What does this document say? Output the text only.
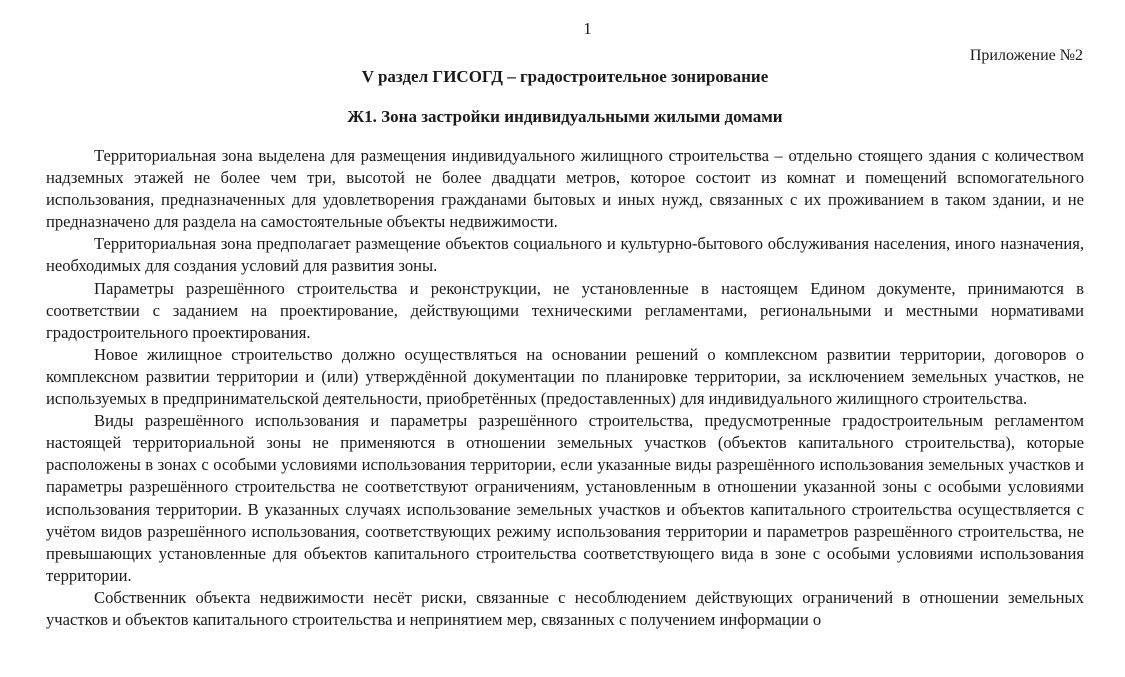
1
Приложение №2
V раздел ГИСОГД – градостроительное зонирование
Ж1. Зона застройки индивидуальными жилыми домами

Территориальная зона выделена для размещения индивидуального жилищного строительства – отдельно стоящего здания с количеством надземных этажей не более чем три, высотой не более двадцати метров, которое состоит из комнат и помещений вспомогательного использования, предназначенных для удовлетворения гражданами бытовых и иных нужд, связанных с их проживанием в таком здании, и не предназначено для раздела на самостоятельные объекты недвижимости.

Территориальная зона предполагает размещение объектов социального и культурно-бытового обслуживания населения, иного назначения, необходимых для создания условий для развития зоны.

Параметры разрешённого строительства и реконструкции, не установленные в настоящем Едином документе, принимаются в соответствии с заданием на проектирование, действующими техническими регламентами, региональными и местными нормативами градостроительного проектирования.

Новое жилищное строительство должно осуществляться на основании решений о комплексном развитии территории, договоров о комплексном развитии территории и (или) утверждённой документации по планировке территории, за исключением земельных участков, не используемых в предпринимательской деятельности, приобретённых (предоставленных) для индивидуального жилищного строительства.

Виды разрешённого использования и параметры разрешённого строительства, предусмотренные градостроительным регламентом настоящей территориальной зоны не применяются в отношении земельных участков (объектов капитального строительства), которые расположены в зонах с особыми условиями использования территории, если указанные виды разрешённого использования земельных участков и параметры разрешённого строительства не соответствуют ограничениям, установленным в отношении указанной зоны с особыми условиями использования территории. В указанных случаях использование земельных участков и объектов капитального строительства осуществляется с учётом видов разрешённого использования, соответствующих режиму использования территории и параметров разрешённого строительства, не превышающих установленные для объектов капитального строительства соответствующего вида в зоне с особыми условиями использования территории.

Собственник объекта недвижимости несёт риски, связанные с несоблюдением действующих ограничений в отношении земельных участков и объектов капитального строительства и непринятием мер, связанных с получением информации о
